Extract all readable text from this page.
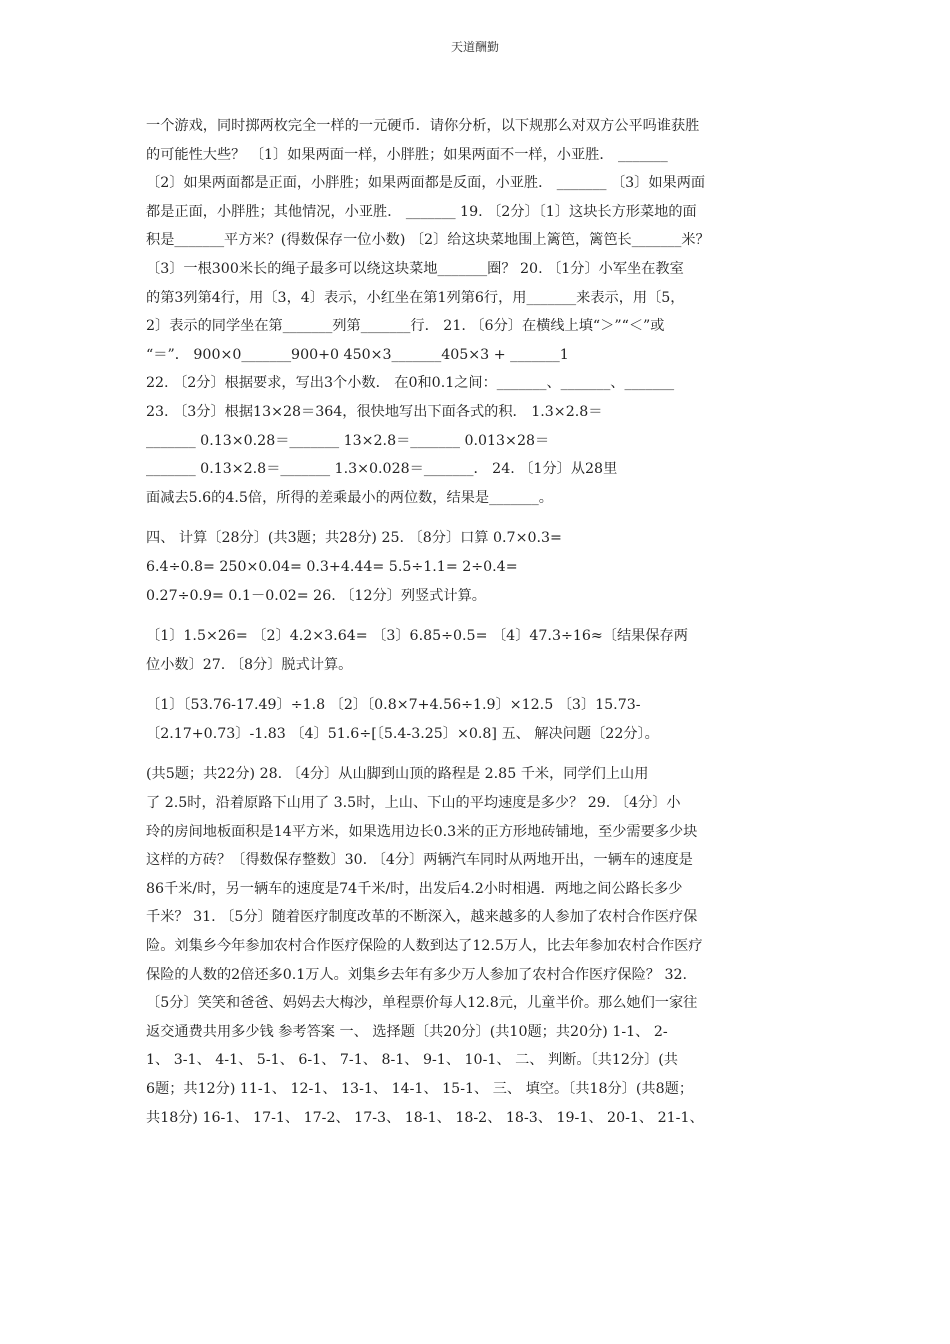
天道酬勤
一个游戏，同时掷两枚完全一样的一元硬币．请你分析，以下规那么对双方公平吗谁获胜
的可能性大些？ 〔1〕如果两面一样，小胖胜；如果两面不一样，小亚胜． _______
〔2〕如果两面都是正面，小胖胜；如果两面都是反面，小亚胜． _______ 〔3〕如果两面
都是正面，小胖胜；其他情况，小亚胜． _______ 19. 〔2分〕〔1〕这块长方形菜地的面
积是_______平方米？(得数保存一位小数) 〔2〕给这块菜地围上篱笆，篱笆长_______米？
〔3〕一根300米长的绳子最多可以绕这块菜地_______圈？ 20. 〔1分〕小军坐在教室
的第3列第4行，用〔3，4〕表示，小红坐在第1列第6行，用_______来表示，用〔5，
2〕表示的同学坐在第_______列第_______行． 21. 〔6分〕在横线上填“＞”“＜”或
“＝”． 900×0_______900+0 450×3_______405×3 + _______1
22. 〔2分〕根据要求，写出3个小数． 在0和0.1之间：_______、_______、_______
23. 〔3分〕根据13×28＝364，很快地写出下面各式的积． 1.3×2.8＝
_______ 0.13×0.28＝_______ 13×2.8＝_______ 0.013×28＝
_______ 0.13×2.8＝_______ 1.3×0.028＝_______． 24. 〔1分〕从28里
面减去5.6的4.5倍，所得的差乘最小的两位数，结果是_______。
四、 计算〔28分〕(共3题；共28分) 25. 〔8分〕口算 0.7×0.3=
6.4÷0.8= 250×0.04= 0.3+4.44= 5.5÷1.1= 2÷0.4=
0.27÷0.9= 0.1－0.02= 26. 〔12分〕列竖式计算。
〔1〕1.5×26= 〔2〕4.2×3.64= 〔3〕6.85÷0.5= 〔4〕47.3÷16≈〔结果保存两
位小数〕27. 〔8分〕脱式计算。
〔1〕〔53.76-17.49〕÷1.8 〔2〕〔0.8×7+4.56÷1.9〕×12.5 〔3〕15.73-
〔2.17+0.73〕-1.83 〔4〕51.6÷[〔5.4-3.25〕×0.8] 五、 解决问题〔22分〕。
(共5题；共22分) 28. 〔4分〕从山脚到山顶的路程是 2.85 千米，同学们上山用
了 2.5时，沿着原路下山用了 3.5时，上山、下山的平均速度是多少？ 29. 〔4分〕小
玲的房间地板面积是14平方米，如果选用边长0.3米的正方形地砖铺地，至少需要多少块
这样的方砖？〔得数保存整数〕30. 〔4分〕两辆汽车同时从两地开出，一辆车的速度是
86千米/时，另一辆车的速度是74千米/时，出发后4.2小时相遇．两地之间公路长多少
千米？ 31. 〔5分〕随着医疗制度改革的不断深入，越来越多的人参加了农村合作医疗保
险。刘集乡今年参加农村合作医疗保险的人数到达了12.5万人，比去年参加农村合作医疗
保险的人数的2倍还多0.1万人。刘集乡去年有多少万人参加了农村合作医疗保险？ 32.
〔5分〕笑笑和爸爸、妈妈去大梅沙，单程票价每人12.8元，儿童半价。那么她们一家往
返交通费共用多少钱 参考答案 一、 选择题〔共20分〕(共10题；共20分) 1-1、 2-
1、 3-1、 4-1、 5-1、 6-1、 7-1、 8-1、 9-1、 10-1、 二、 判断。〔共12分〕(共
6题；共12分) 11-1、 12-1、 13-1、 14-1、 15-1、 三、 填空。〔共18分〕(共8题；
共18分) 16-1、 17-1、 17-2、 17-3、 18-1、 18-2、 18-3、 19-1、 20-1、 21-1、
